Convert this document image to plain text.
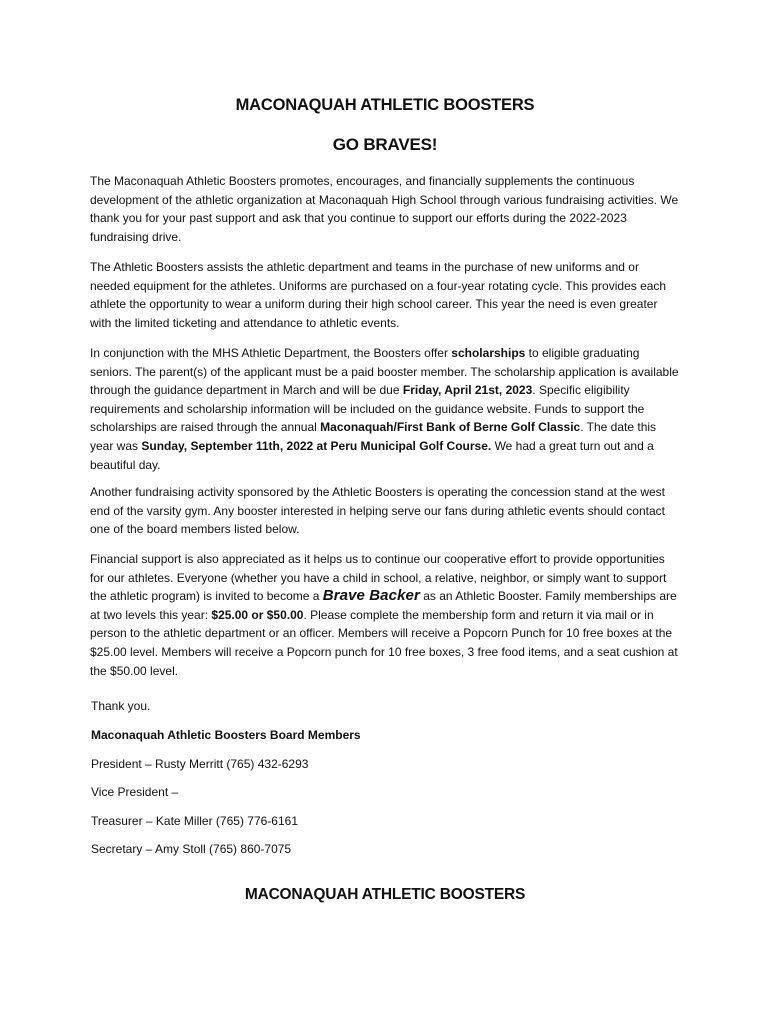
MACONAQUAH ATHLETIC BOOSTERS
GO BRAVES!

The Maconaquah Athletic Boosters promotes, encourages, and financially supplements the continuous development of the athletic organization at Maconaquah High School through various fundraising activities. We thank you for your past support and ask that you continue to support our efforts during the 2022-2023 fundraising drive.

The Athletic Boosters assists the athletic department and teams in the purchase of new uniforms and or needed equipment for the athletes. Uniforms are purchased on a four-year rotating cycle. This provides each athlete the opportunity to wear a uniform during their high school career. This year the need is even greater with the limited ticketing and attendance to athletic events.

In conjunction with the MHS Athletic Department, the Boosters offer scholarships to eligible graduating seniors. The parent(s) of the applicant must be a paid booster member. The scholarship application is available through the guidance department in March and will be due Friday, April 21st, 2023. Specific eligibility requirements and scholarship information will be included on the guidance website. Funds to support the scholarships are raised through the annual Maconaquah/First Bank of Berne Golf Classic. The date this year was Sunday, September 11th, 2022 at Peru Municipal Golf Course. We had a great turn out and a beautiful day.

Another fundraising activity sponsored by the Athletic Boosters is operating the concession stand at the west end of the varsity gym. Any booster interested in helping serve our fans during athletic events should contact one of the board members listed below.

Financial support is also appreciated as it helps us to continue our cooperative effort to provide opportunities for our athletes. Everyone (whether you have a child in school, a relative, neighbor, or simply want to support the athletic program) is invited to become a Brave Backer as an Athletic Booster. Family memberships are at two levels this year: $25.00 or $50.00. Please complete the membership form and return it via mail or in person to the athletic department or an officer. Members will receive a Popcorn Punch for 10 free boxes at the $25.00 level. Members will receive a Popcorn punch for 10 free boxes, 3 free food items, and a seat cushion at the $50.00 level.

Thank you.

Maconaquah Athletic Boosters Board Members

President – Rusty Merritt (765) 432-6293

Vice President –

Treasurer – Kate Miller (765) 776-6161

Secretary – Amy Stoll (765) 860-7075

MACONAQUAH ATHLETIC BOOSTERS
